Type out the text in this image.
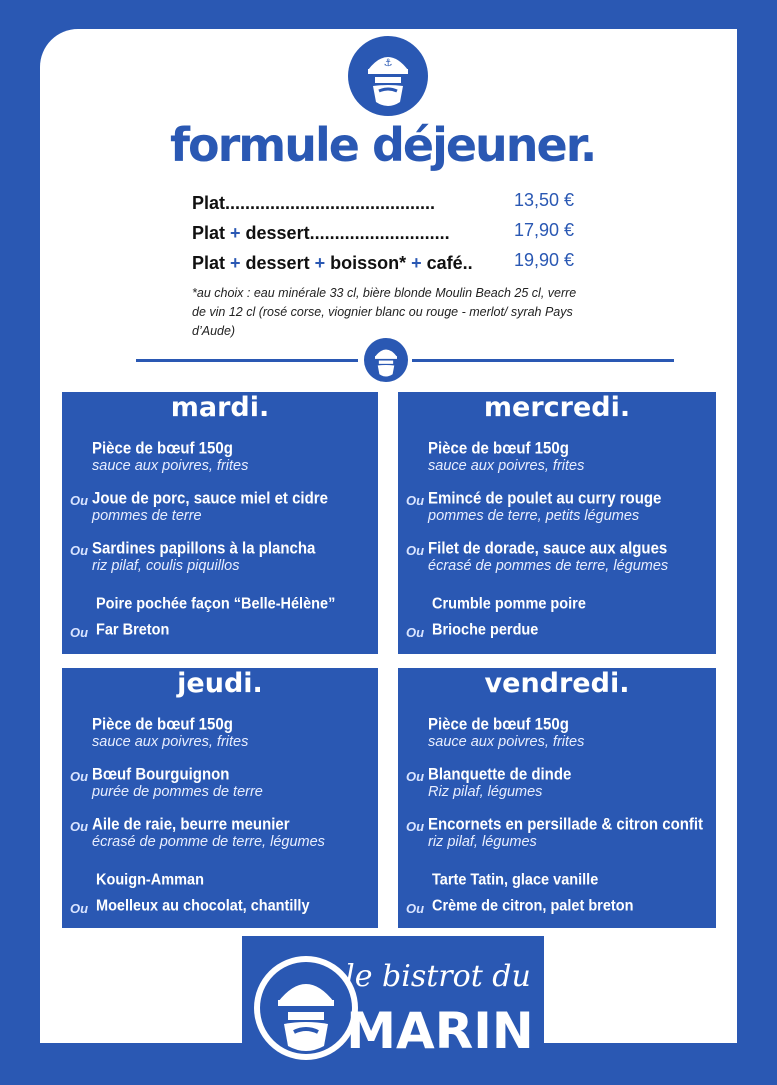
⚓
formule déjeuner.
Plat..........................................	13,50 €
Plat + dessert............................	17,90 €
Plat + dessert + boisson* + café.. 19,90 €
*au choix : eau minérale 33 cl, bière blonde Moulin Beach 25 cl, verre de vin 12 cl (rosé corse, viognier blanc ou rouge - merlot/ syrah Pays d’Aude)
mardi.
Pièce de bœuf 150g
sauce aux poivres, frites
Ou Joue de porc, sauce miel et cidre
pommes de terre
Ou Sardines papillons à la plancha
riz pilaf, coulis piquillos
Poire pochée façon “Belle-Hélène”
Ou Far Breton
mercredi.
Pièce de bœuf 150g
sauce aux poivres, frites
Ou Emincé de poulet au curry rouge
pommes de terre, petits légumes
Ou Filet de dorade, sauce aux algues
écrasé de pommes de terre, légumes
Crumble pomme poire
Ou Brioche perdue
jeudi.
Pièce de bœuf 150g
sauce aux poivres, frites
Ou Bœuf Bourguignon
purée de pommes de terre
Ou Aile de raie, beurre meunier
écrasé de pomme de terre, légumes
Kouign-Amman
Ou Moelleux au chocolat, chantilly
vendredi.
Pièce de bœuf 150g
sauce aux poivres, frites
Ou Blanquette de dinde
Riz pilaf, légumes
Ou Encornets en persillade & citron confit
riz pilaf, légumes
Tarte Tatin, glace vanille
Ou Crème de citron, palet breton
le bistrot du
MARIN
